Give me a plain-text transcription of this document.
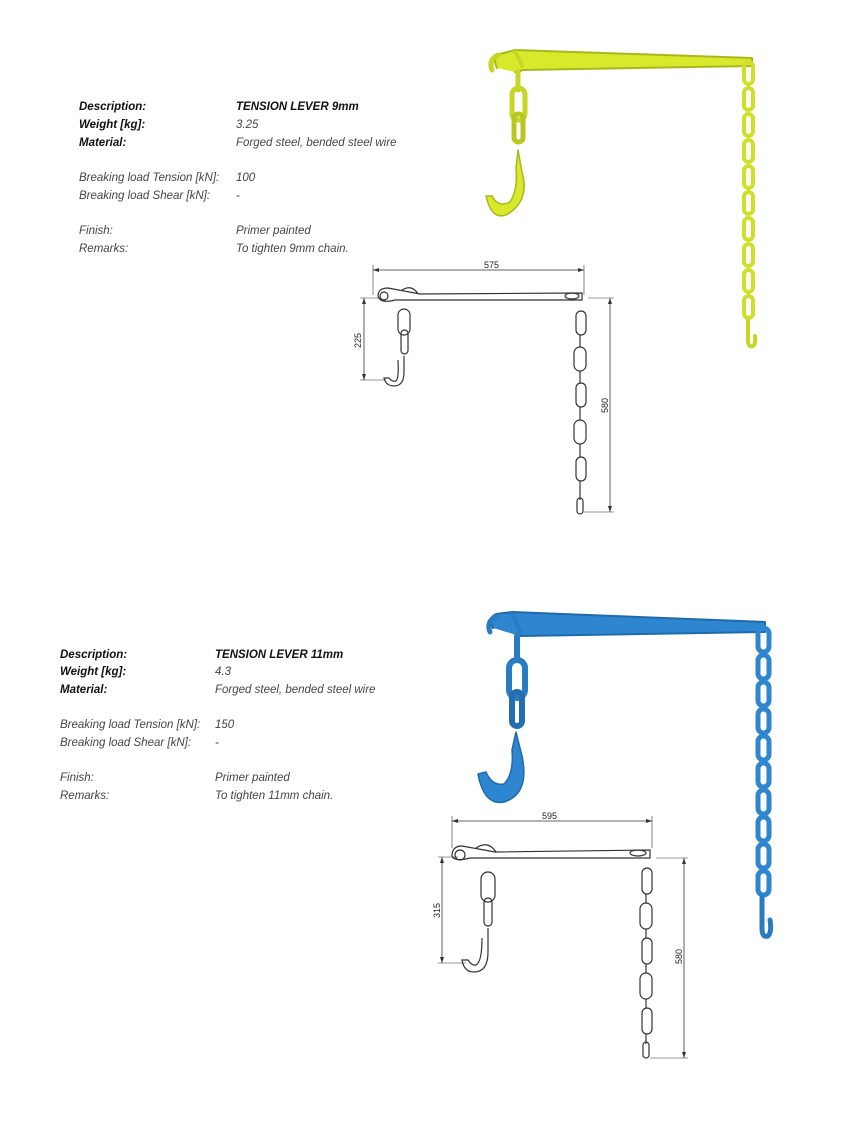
Description:	TENSION LEVER 9mm
Weight [kg]:	3.25
Material:	Forged steel, bended steel wire
Breaking load Tension [kN]: 100
Breaking load Shear [kN]: -
Finish:	Primer painted
Remarks:	To tighten 9mm chain.
Description:	TENSION LEVER 11mm
Weight [kg]:	4.3
Material:	Forged steel, bended steel wire
Breaking load Tension [kN]: 150
Breaking load Shear [kN]: -
Finish:	Primer painted
Remarks:	To tighten 11mm chain.
575
225
580
595
315
580
